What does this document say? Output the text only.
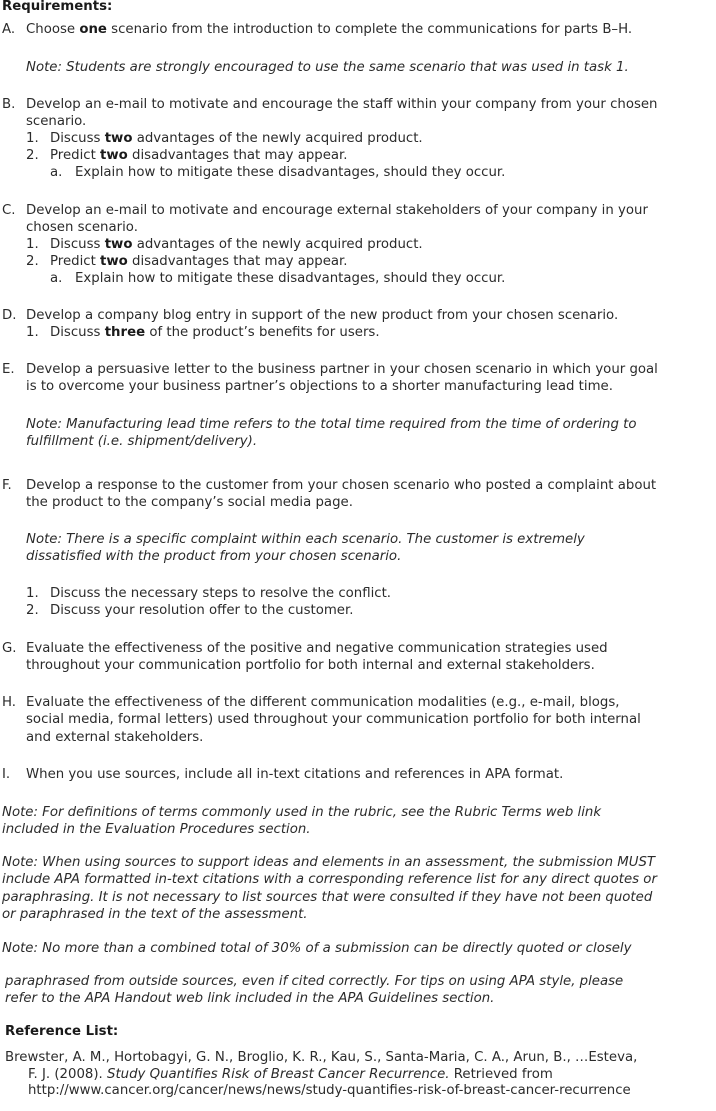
Requirements:
A. Choose one scenario from the introduction to complete the communications for parts B–H.
Note: Students are strongly encouraged to use the same scenario that was used in task 1.
B. Develop an e-mail to motivate and encourage the staff within your company from your chosen
scenario.
1. Discuss two advantages of the newly acquired product.
2. Predict two disadvantages that may appear.
a. Explain how to mitigate these disadvantages, should they occur.
C. Develop an e-mail to motivate and encourage external stakeholders of your company in your
chosen scenario.
1. Discuss two advantages of the newly acquired product.
2. Predict two disadvantages that may appear.
a. Explain how to mitigate these disadvantages, should they occur.
D. Develop a company blog entry in support of the new product from your chosen scenario.
1. Discuss three of the product’s benefits for users.
E. Develop a persuasive letter to the business partner in your chosen scenario in which your goal
is to overcome your business partner’s objections to a shorter manufacturing lead time.
Note: Manufacturing lead time refers to the total time required from the time of ordering to
fulfillment (i.e. shipment/delivery).
F. Develop a response to the customer from your chosen scenario who posted a complaint about
the product to the company’s social media page.
Note: There is a specific complaint within each scenario. The customer is extremely
dissatisfied with the product from your chosen scenario.
1. Discuss the necessary steps to resolve the conflict.
2. Discuss your resolution offer to the customer.
G. Evaluate the effectiveness of the positive and negative communication strategies used
throughout your communication portfolio for both internal and external stakeholders.
H. Evaluate the effectiveness of the different communication modalities (e.g., e-mail, blogs,
social media, formal letters) used throughout your communication portfolio for both internal
and external stakeholders.
I. When you use sources, include all in-text citations and references in APA format.
Note: For definitions of terms commonly used in the rubric, see the Rubric Terms web link
included in the Evaluation Procedures section.
Note: When using sources to support ideas and elements in an assessment, the submission MUST
include APA formatted in-text citations with a corresponding reference list for any direct quotes or
paraphrasing. It is not necessary to list sources that were consulted if they have not been quoted
or paraphrased in the text of the assessment.
Note: No more than a combined total of 30% of a submission can be directly quoted or closely
paraphrased from outside sources, even if cited correctly. For tips on using APA style, please
refer to the APA Handout web link included in the APA Guidelines section.
Reference List:
Brewster, A. M., Hortobagyi, G. N., Broglio, K. R., Kau, S., Santa-Maria, C. A., Arun, B., …Esteva,
F. J. (2008). Study Quantifies Risk of Breast Cancer Recurrence. Retrieved from
http://www.cancer.org/cancer/news/news/study-quantifies-risk-of-breast-cancer-recurrence
